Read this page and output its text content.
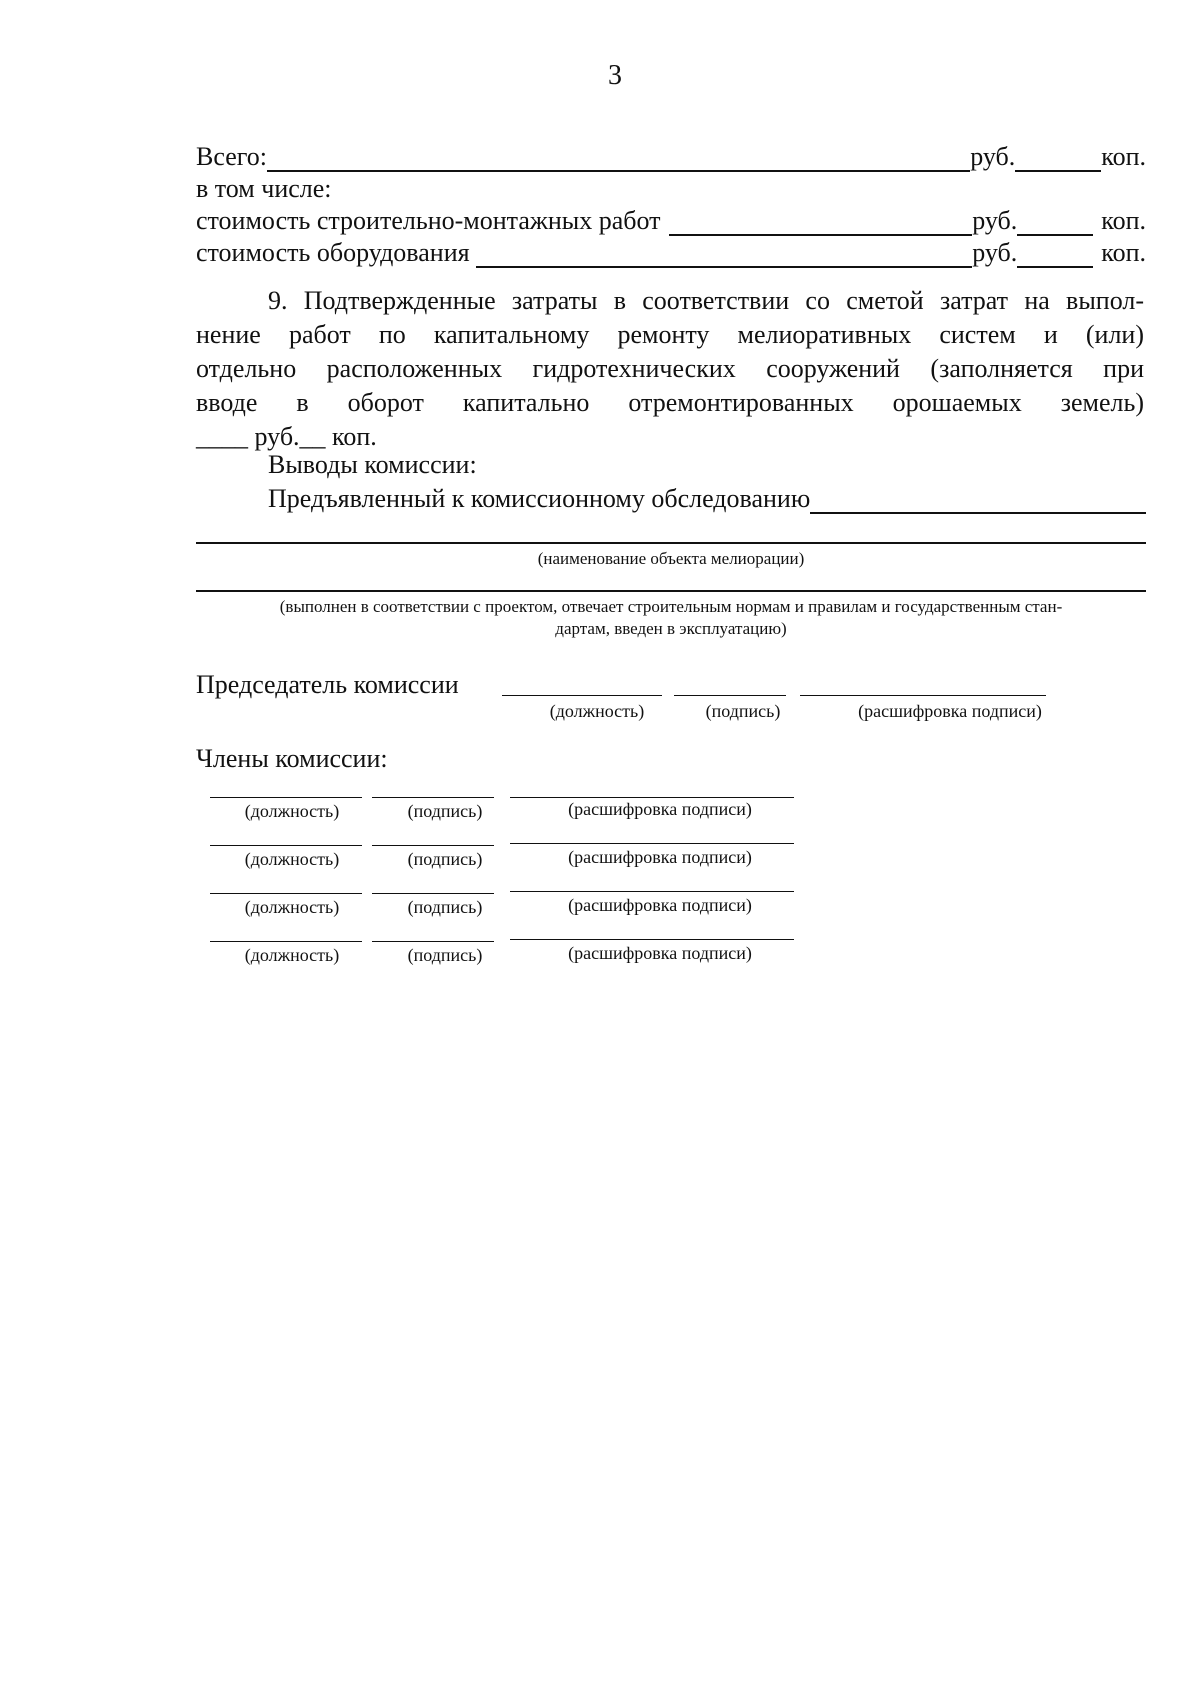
3
Всего:	руб.	коп.
в том числе:
стоимость строительно-монтажных работ	руб.	коп.
стоимость оборудования	руб.	коп.
9. Подтвержденные затраты в соответствии со сметой затрат на выпол-
нение работ по капитальному ремонту мелиоративных систем и (или)
отдельно расположенных гидротехнических сооружений (заполняется при
вводе в оборот капитально отремонтированных орошаемых земель)
____ руб.__ коп.
Выводы комиссии:
Предъявленный к комиссионному обследованию
(наименование объекта мелиорации)
(выполнен в соответствии с проектом, отвечает строительным нормам и правилам и государственным стан-
дартам, введен в эксплуатацию)
Председатель комиссии
(должность)	(подпись)	(расшифровка подписи)
Члены комиссии:
(должность)	(подпись)	(расшифровка подписи)
(должность)	(подпись)	(расшифровка подписи)
(должность)	(подпись)	(расшифровка подписи)
(должность)	(подпись)	(расшифровка подписи)
